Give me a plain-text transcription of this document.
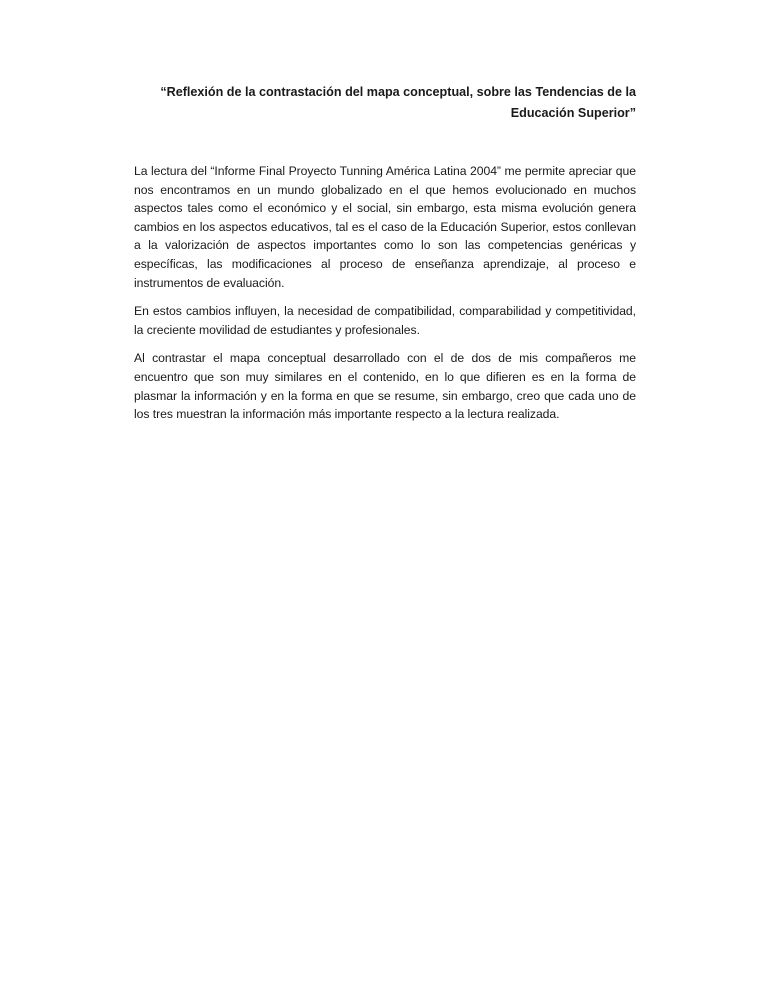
“Reflexión de la contrastación del mapa conceptual, sobre las Tendencias de la Educación Superior”

La lectura del “Informe Final Proyecto Tunning América Latina 2004” me permite apreciar que nos encontramos en un mundo globalizado en el que hemos evolucionado en muchos aspectos tales como el económico y el social, sin embargo, esta misma evolución genera cambios en los aspectos educativos, tal es el caso de la Educación Superior, estos conllevan a la valorización de aspectos importantes como lo son las competencias genéricas y específicas, las modificaciones al proceso de enseñanza aprendizaje, al proceso e instrumentos de evaluación.

En estos cambios influyen, la necesidad de compatibilidad, comparabilidad y competitividad, la creciente movilidad de estudiantes y profesionales.

Al contrastar el mapa conceptual desarrollado con el de dos de mis compañeros me encuentro que son muy similares en el contenido, en lo que difieren es en la forma de plasmar la información y en la forma en que se resume, sin embargo, creo que cada uno de los tres muestran la información más importante respecto a la lectura realizada.
